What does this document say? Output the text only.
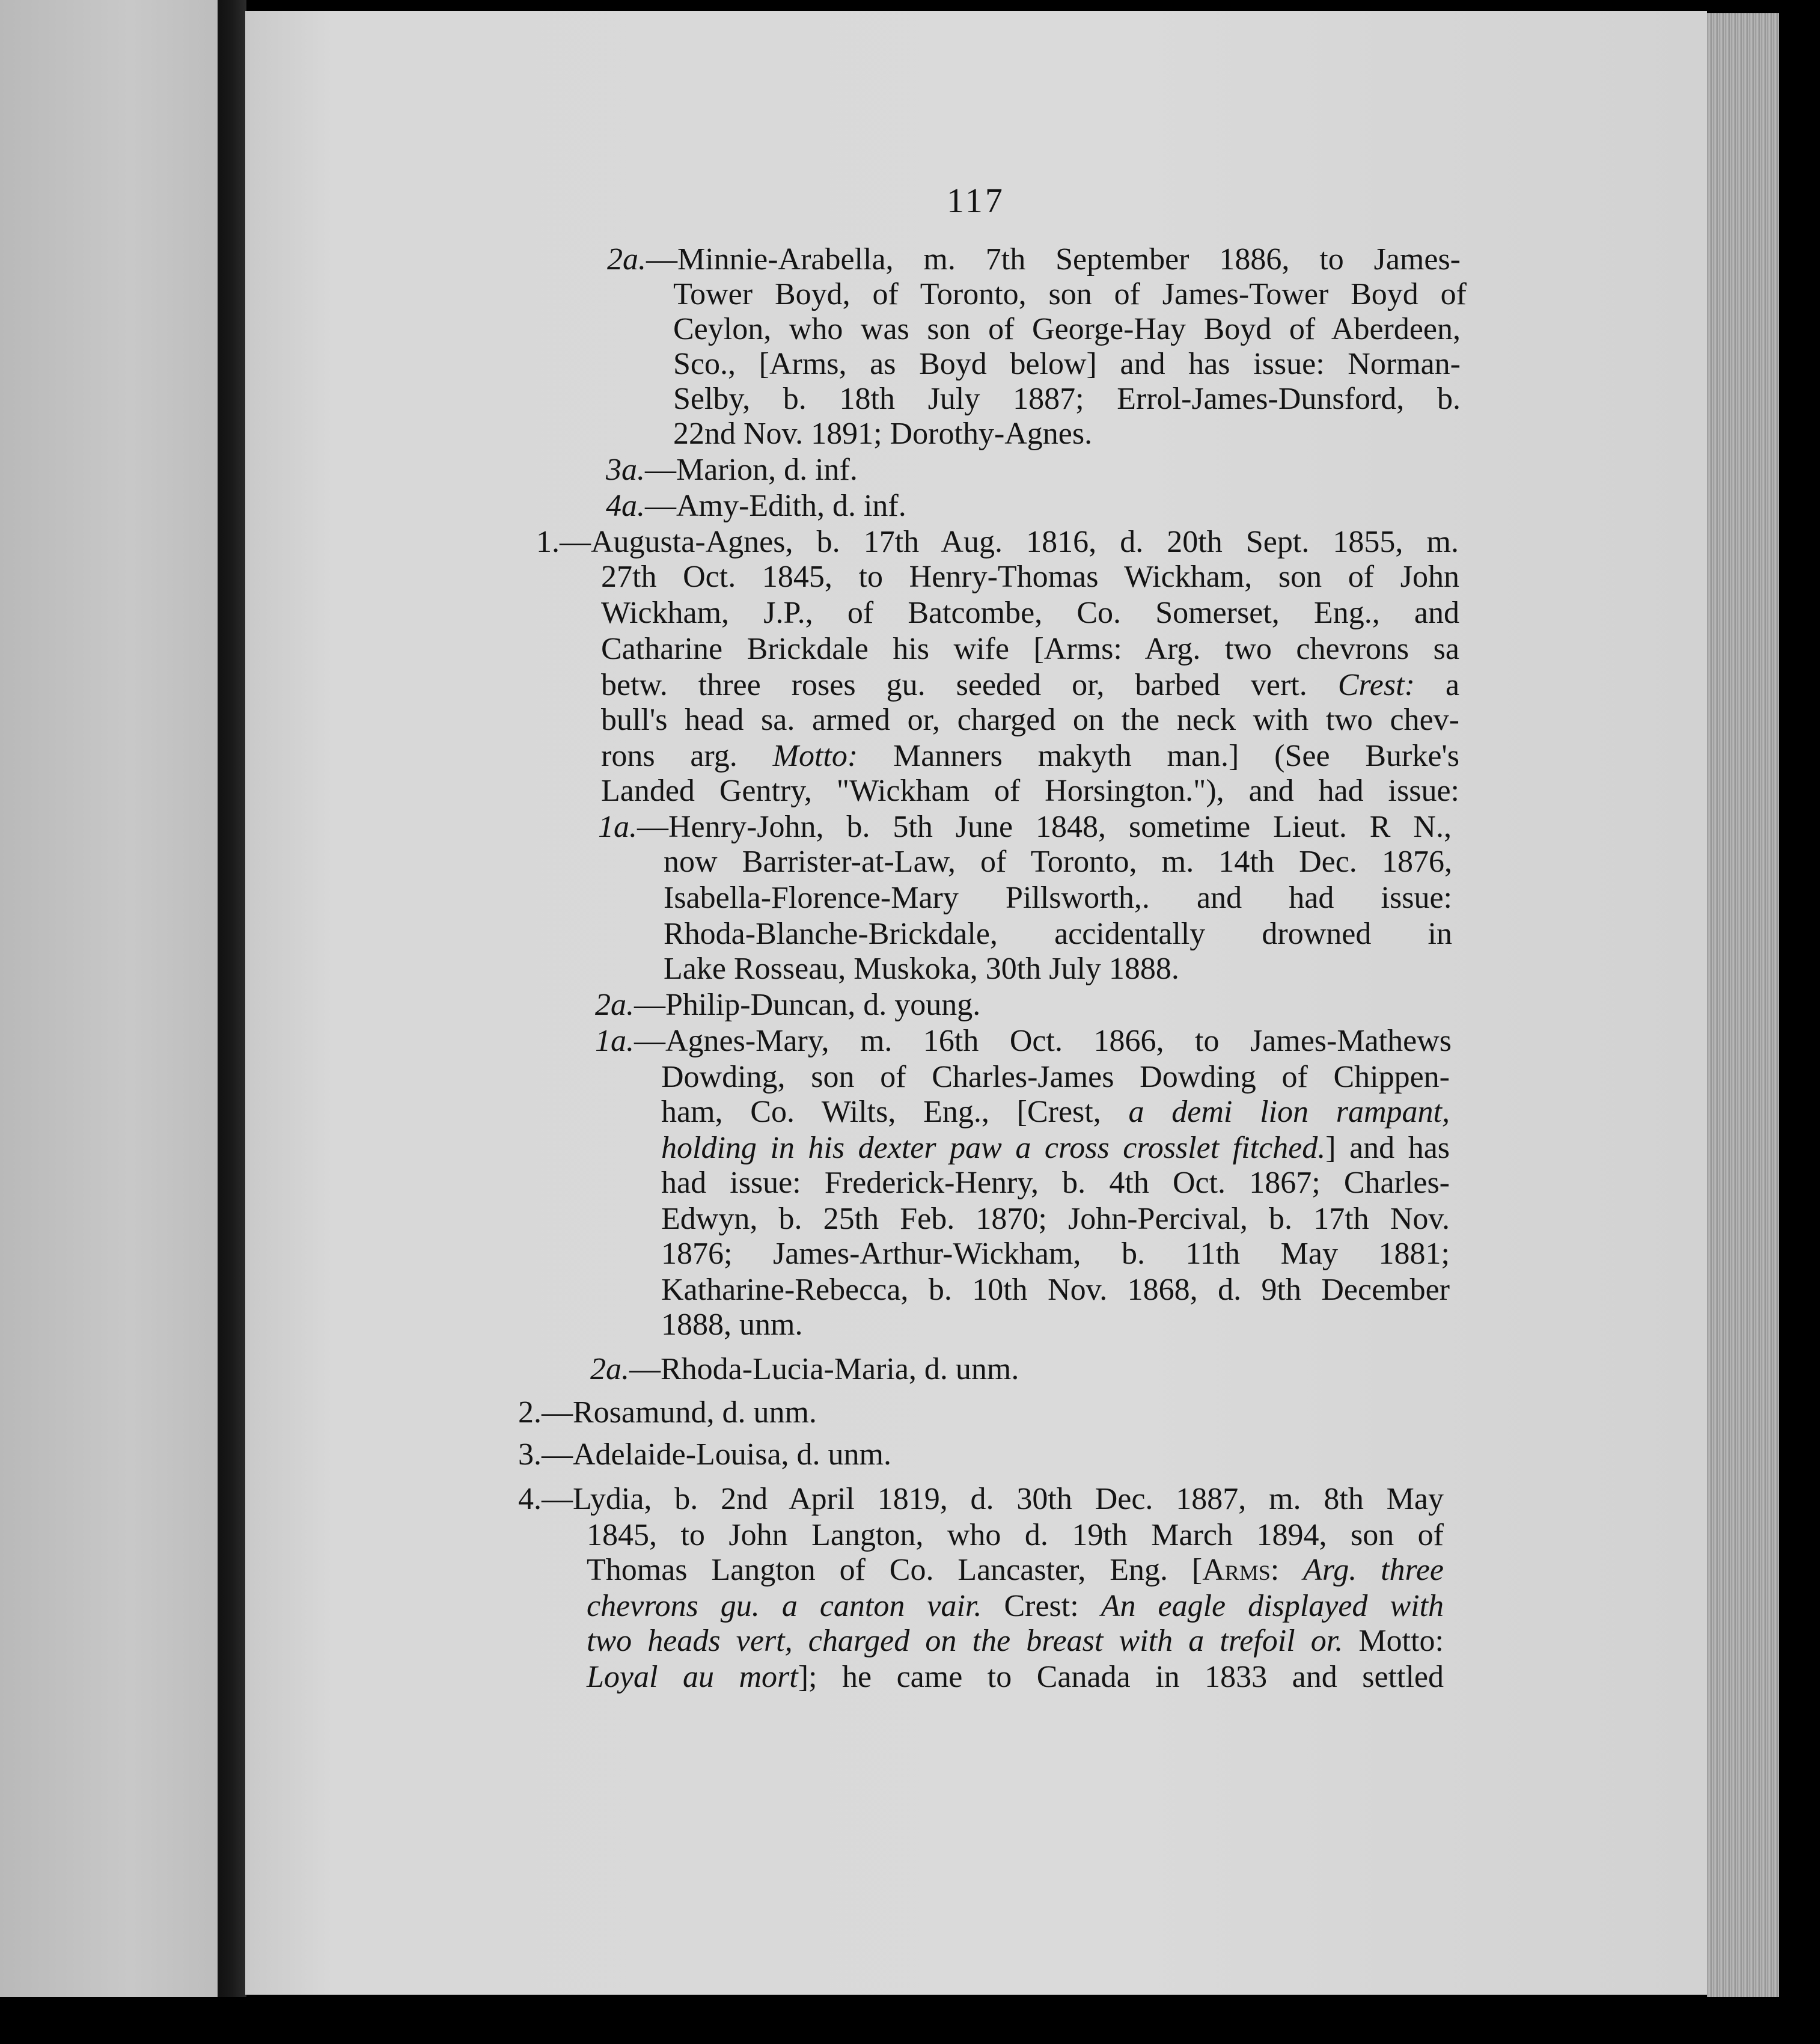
117
2a.—Minnie-Arabella, m. 7th September 1886, to James-
Tower Boyd, of Toronto, son of James-Tower Boyd of
Ceylon, who was son of George-Hay Boyd of Aberdeen,
Sco., [Arms, as Boyd below] and has issue: Norman-
Selby, b. 18th July 1887; Errol-James-Dunsford, b.
22nd Nov. 1891; Dorothy-Agnes.
3a.—Marion, d. inf.
4a.—Amy-Edith, d. inf.
1.—Augusta-Agnes, b. 17th Aug. 1816, d. 20th Sept. 1855, m.
27th Oct. 1845, to Henry-Thomas Wickham, son of John
Wickham, J.P., of Batcombe, Co. Somerset, Eng., and
Catharine Brickdale his wife [Arms: Arg. two chevrons sa
betw. three roses gu. seeded or, barbed vert. Crest: a
bull's head sa. armed or, charged on the neck with two chev-
rons arg. Motto: Manners makyth man.] (See Burke's
Landed Gentry, "Wickham of Horsington."), and had issue:
1a.—Henry-John, b. 5th June 1848, sometime Lieut. R N.,
now Barrister-at-Law, of Toronto, m. 14th Dec. 1876,
Isabella-Florence-Mary Pillsworth,. and had issue:
Rhoda-Blanche-Brickdale, accidentally drowned in
Lake Rosseau, Muskoka, 30th July 1888.
2a.—Philip-Duncan, d. young.
1a.—Agnes-Mary, m. 16th Oct. 1866, to James-Mathews
Dowding, son of Charles-James Dowding of Chippen-
ham, Co. Wilts, Eng., [Crest, a demi lion rampant,
holding in his dexter paw a cross crosslet fitched.] and has
had issue: Frederick-Henry, b. 4th Oct. 1867; Charles-
Edwyn, b. 25th Feb. 1870; John-Percival, b. 17th Nov.
1876; James-Arthur-Wickham, b. 11th May 1881;
Katharine-Rebecca, b. 10th Nov. 1868, d. 9th December
1888, unm.
2a.—Rhoda-Lucia-Maria, d. unm.
2.—Rosamund, d. unm.
3.—Adelaide-Louisa, d. unm.
4.—Lydia, b. 2nd April 1819, d. 30th Dec. 1887, m. 8th May
1845, to John Langton, who d. 19th March 1894, son of
Thomas Langton of Co. Lancaster, Eng. [Arms: Arg. three
chevrons gu. a canton vair. Crest: An eagle displayed with
two heads vert, charged on the breast with a trefoil or. Motto:
Loyal au mort]; he came to Canada in 1833 and settled
